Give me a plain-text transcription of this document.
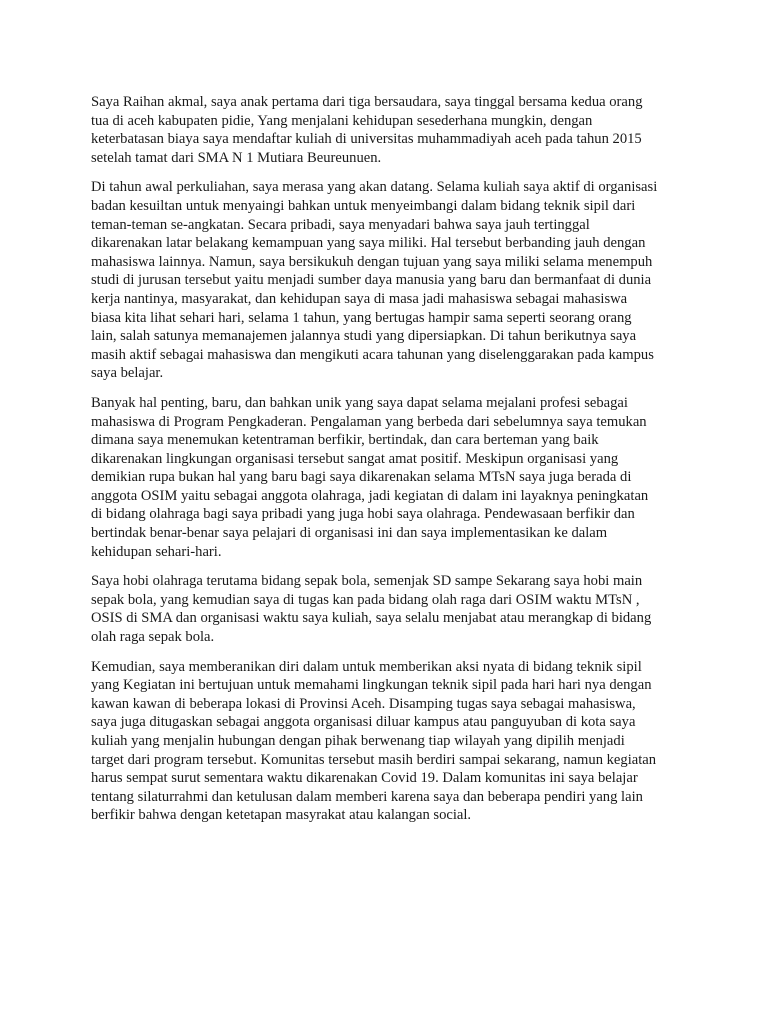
Saya Raihan akmal, saya anak pertama dari tiga bersaudara, saya tinggal bersama kedua orang
tua di aceh kabupaten pidie, Yang menjalani kehidupan sesederhana mungkin, dengan
keterbatasan biaya saya mendaftar kuliah di universitas muhammadiyah aceh pada tahun 2015
setelah tamat dari SMA N 1 Mutiara Beureunuen.

Di tahun awal perkuliahan, saya merasa yang akan datang. Selama kuliah saya aktif di organisasi
badan kesuiltan untuk menyaingi bahkan untuk menyeimbangi dalam bidang teknik sipil dari
teman-teman se-angkatan. Secara pribadi, saya menyadari bahwa saya jauh tertinggal
dikarenakan latar belakang kemampuan yang saya miliki. Hal tersebut berbanding jauh dengan
mahasiswa lainnya. Namun, saya bersikukuh dengan tujuan yang saya miliki selama menempuh
studi di jurusan tersebut yaitu menjadi sumber daya manusia yang baru dan bermanfaat di dunia
kerja nantinya, masyarakat, dan kehidupan saya di masa jadi mahasiswa sebagai mahasiswa
biasa kita lihat sehari hari, selama 1 tahun, yang bertugas hampir sama seperti seorang orang
lain, salah satunya memanajemen jalannya studi yang dipersiapkan. Di tahun berikutnya saya
masih aktif sebagai mahasiswa dan mengikuti acara tahunan yang diselenggarakan pada kampus
saya belajar.

Banyak hal penting, baru, dan bahkan unik yang saya dapat selama mejalani profesi sebagai
mahasiswa di Program Pengkaderan. Pengalaman yang berbeda dari sebelumnya saya temukan
dimana saya menemukan ketentraman berfikir, bertindak, dan cara berteman yang baik
dikarenakan lingkungan organisasi tersebut sangat amat positif. Meskipun organisasi yang
demikian rupa bukan hal yang baru bagi saya dikarenakan selama MTsN saya juga berada di
anggota OSIM yaitu sebagai anggota olahraga, jadi kegiatan di dalam ini layaknya peningkatan
di bidang olahraga bagi saya pribadi yang juga hobi saya olahraga. Pendewasaan berfikir dan
bertindak benar-benar saya pelajari di organisasi ini dan saya implementasikan ke dalam
kehidupan sehari-hari.

Saya hobi olahraga terutama bidang sepak bola, semenjak SD sampe Sekarang saya hobi main
sepak bola, yang kemudian saya di tugas kan pada bidang olah raga dari OSIM waktu MTsN ,
OSIS di SMA dan organisasi waktu saya kuliah, saya selalu menjabat atau merangkap di bidang
olah raga sepak bola.

Kemudian, saya memberanikan diri dalam untuk memberikan aksi nyata di bidang teknik sipil
yang Kegiatan ini bertujuan untuk memahami lingkungan teknik sipil pada hari hari nya dengan
kawan kawan di beberapa lokasi di Provinsi Aceh. Disamping tugas saya sebagai mahasiswa,
saya juga ditugaskan sebagai anggota organisasi diluar kampus atau panguyuban di kota saya
kuliah yang menjalin hubungan dengan pihak berwenang tiap wilayah yang dipilih menjadi
target dari program tersebut. Komunitas tersebut masih berdiri sampai sekarang, namun kegiatan
harus sempat surut sementara waktu dikarenakan Covid 19. Dalam komunitas ini saya belajar
tentang silaturrahmi dan ketulusan dalam memberi karena saya dan beberapa pendiri yang lain
berfikir bahwa dengan ketetapan masyrakat atau kalangan social.
